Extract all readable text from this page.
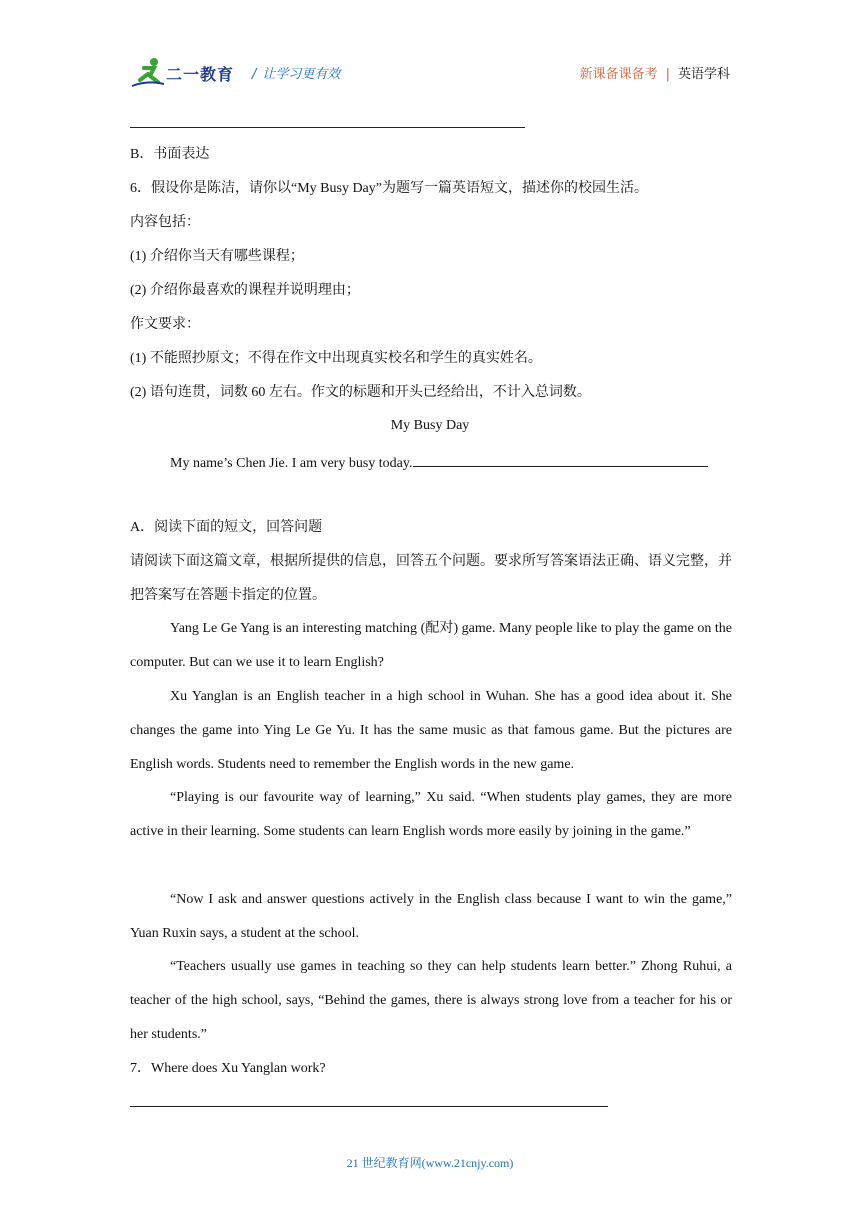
二一教育 / 让学习更有效	新课备课备考 | 英语学科
B．书面表达
6．假设你是陈洁，请你以“My Busy Day”为题写一篇英语短文，描述你的校园生活。
内容包括：
(1) 介绍你当天有哪些课程；
(2) 介绍你最喜欢的课程并说明理由；
作文要求：
(1) 不能照抄原文；不得在作文中出现真实校名和学生的真实姓名。
(2) 语句连贯，词数 60 左右。作文的标题和开头已经给出，不计入总词数。
My Busy Day
My name’s Chen Jie. I am very busy today.
A．阅读下面的短文，回答问题
请阅读下面这篇文章，根据所提供的信息，回答五个问题。要求所写答案语法正确、语义完整，并把答案写在答题卡指定的位置。
Yang Le Ge Yang is an interesting matching (配对) game. Many people like to play the game on the computer. But can we use it to learn English?
Xu Yanglan is an English teacher in a high school in Wuhan. She has a good idea about it. She changes the game into Ying Le Ge Yu. It has the same music as that famous game. But the pictures are English words. Students need to remember the English words in the new game.
“Playing is our favourite way of learning,” Xu said. “When students play games, they are more active in their learning. Some students can learn English words more easily by joining in the game.”
“Now I ask and answer questions actively in the English class because I want to win the game,” Yuan Ruxin says, a student at the school.
“Teachers usually use games in teaching so they can help students learn better.” Zhong Ruhui, a teacher of the high school, says, “Behind the games, there is always strong love from a teacher for his or her students.”
7．Where does Xu Yanglan work?
21 世纪教育网(www.21cnjy.com)
